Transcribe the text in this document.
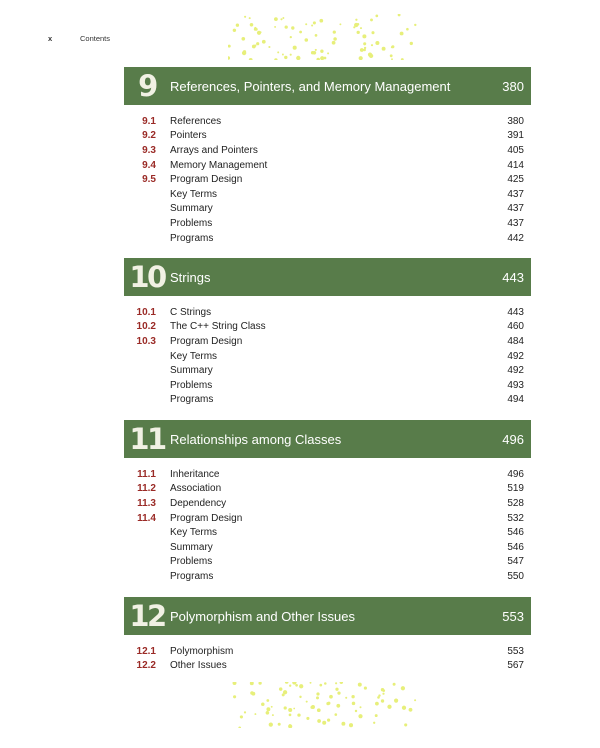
x	Contents
9	References, Pointers, and Memory Management	380
9.1	References	380
9.2	Pointers	391
9.3	Arrays and Pointers	405
9.4	Memory Management	414
9.5	Program Design	425
Key Terms	437
Summary	437
Problems	437
Programs	442
10 Strings	443
10.1	C Strings	443
10.2	The C++ String Class	460
10.3	Program Design	484
Key Terms	492
Summary	492
Problems	493
Programs	494
11 Relationships among Classes	496
11.1	Inheritance	496
11.2	Association	519
11.3	Dependency	528
11.4	Program Design	532
Key Terms	546
Summary	546
Problems	547
Programs	550
12 Polymorphism and Other Issues	553
12.1	Polymorphism	553
12.2	Other Issues	567
